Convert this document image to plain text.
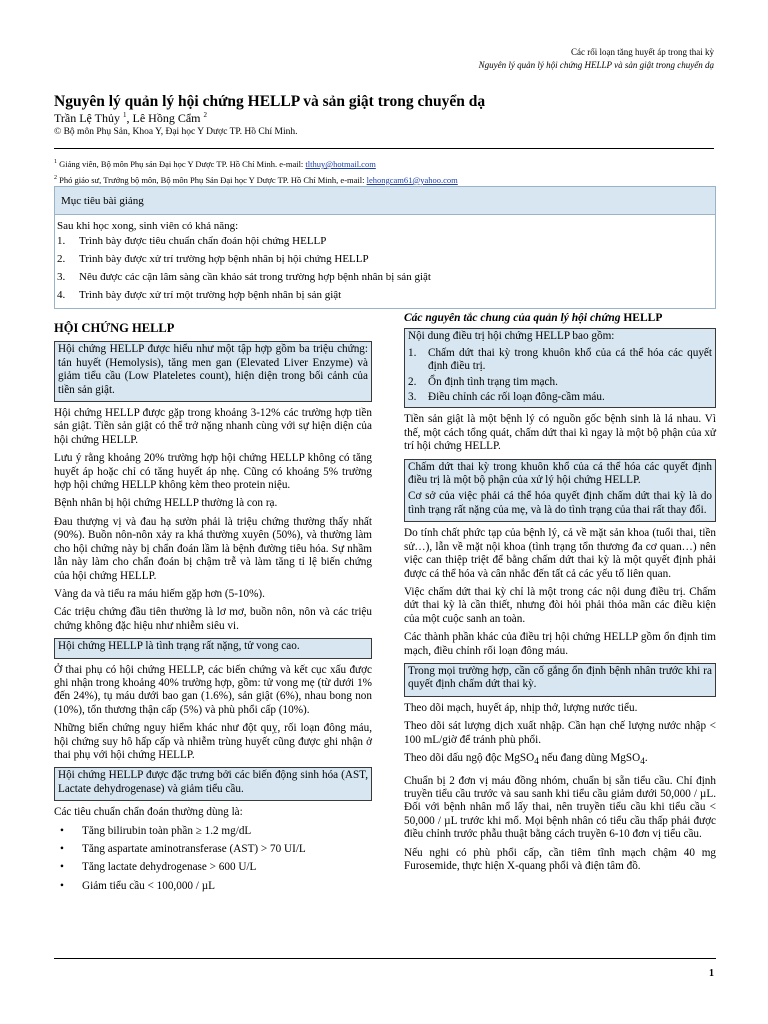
Các rối loạn tăng huyết áp trong thai kỳ
Nguyên lý quản lý hội chứng HELLP và sản giật trong chuyển dạ
Nguyên lý quản lý hội chứng HELLP và sản giật trong chuyển dạ
Trần Lệ Thủy $^1$, Lê Hồng Cẩm $^2$
© Bộ môn Phụ Sản, Khoa Y, Đại học Y Dược TP. Hồ Chí Minh.
$^1$ Giảng viên, Bộ môn Phụ sản Đại học Y Dược TP. Hồ Chí Minh. e-mail: tlthuy@hotmail.com
$^2$ Phó giáo sư, Trưởng bộ môn, Bộ môn Phụ Sản Đại học Y Dược TP. Hồ Chí Minh, e-mail: lehongcam61@yahoo.com
Mục tiêu bài giảng
Sau khi học xong, sinh viên có khả năng:
1. Trình bày được tiêu chuẩn chẩn đoán hội chứng HELLP
2. Trình bày được xử trí trường hợp bệnh nhân bị hội chứng HELLP
3. Nêu được các cận lâm sàng cần khảo sát trong trường hợp bệnh nhân bị sản giật
4. Trình bày được xử trí một trường hợp bệnh nhân bị sản giật
HỘI CHỨNG HELLP

Hội chứng HELLP được hiểu như một tập hợp gồm ba triệu chứng: tán huyết (Hemolysis), tăng men gan (Elevated Liver Enzyme) và giảm tiểu cầu (Low Plateletes count), hiện diện trong bối cảnh của tiền sản giật.

Hội chứng HELLP được gặp trong khoảng 3-12% các trường hợp tiền sản giật. Tiền sản giật có thể trở nặng nhanh cùng với sự hiện diện của hội chứng HELLP.

Lưu ý rằng khoảng 20% trường hợp hội chứng HELLP không có tăng huyết áp hoặc chỉ có tăng huyết áp nhẹ. Cũng có khoảng 5% trường hợp hội chứng HELLP không kèm theo protein niệu.

Bệnh nhân bị hội chứng HELLP thường là con rạ.

Đau thượng vị và đau hạ sườn phải là triệu chứng thường thấy nhất (90%). Buồn nôn-nôn xảy ra khá thường xuyên (50%), và thường làm cho hội chứng này bị chẩn đoán lầm là bệnh đường tiêu hóa. Sự nhầm lẫn này làm cho chẩn đoán bị chậm trễ và làm tăng tỉ lệ biến chứng của hội chứng HELLP.

Vàng da và tiểu ra máu hiếm gặp hơn (5-10%).

Các triệu chứng đầu tiên thường là lơ mơ, buồn nôn, nôn và các triệu chứng không đặc hiệu như nhiễm siêu vi.

Hội chứng HELLP là tình trạng rất nặng, tử vong cao.

Ở thai phụ có hội chứng HELLP, các biến chứng và kết cục xấu được ghi nhận trong khoảng 40% trường hợp, gồm: tử vong mẹ (từ dưới 1% đến 24%), tụ máu dưới bao gan (1.6%), sản giật (6%), nhau bong non (10%), tổn thương thận cấp (5%) và phù phổi cấp (10%).

Những biến chứng nguy hiểm khác như đột quỵ, rối loạn đông máu, hội chứng suy hô hấp cấp và nhiễm trùng huyết cũng được ghi nhận ở thai phụ với hội chứng HELLP.

Hội chứng HELLP được đặc trưng bởi các biến động sinh hóa (AST, Lactate dehydrogenase) và giảm tiểu cầu.

Các tiêu chuẩn chẩn đoán thường dùng là:

• Tăng bilirubin toàn phần ≥ 1.2 mg/dL
• Tăng aspartate aminotransferase (AST) > 70 UI/L
• Tăng lactate dehydrogenase > 600 U/L
• Giảm tiểu cầu < 100,000 / µL
Các nguyên tắc chung của quản lý hội chứng HELLP

Nội dung điều trị hội chứng HELLP bao gồm:

1. Chấm dứt thai kỳ trong khuôn khổ của cá thể hóa các quyết định điều trị.
2. Ổn định tình trạng tim mạch.
3. Điều chỉnh các rối loạn đông-cầm máu.

Tiền sản giật là một bệnh lý có nguồn gốc bệnh sinh là lá nhau. Vì thế, một cách tổng quát, chấm dứt thai kì ngay là một bộ phận của xử trí hội chứng HELLP.

Chấm dứt thai kỳ trong khuôn khổ của cá thể hóa các quyết định điều trị là một bộ phận của xử lý hội chứng HELLP.

Cơ sở của việc phải cá thể hóa quyết định chấm dứt thai kỳ là do tình trạng rất nặng của mẹ, và là do tình trạng của thai rất thay đổi.

Do tính chất phức tạp của bệnh lý, cả về mặt sản khoa (tuổi thai, tiền sử…), lẫn về mặt nội khoa (tình trạng tổn thương đa cơ quan…) nên việc can thiệp triệt để bằng chấm dứt thai kỳ là một quyết định phải được cá thể hóa và cân nhắc đến tất cả các yếu tố liên quan.

Việc chấm dứt thai kỳ chỉ là một trong các nội dung điều trị. Chấm dứt thai kỳ là cần thiết, nhưng đòi hỏi phải thỏa mãn các điều kiện của một cuộc sanh an toàn.

Các thành phần khác của điều trị hội chứng HELLP gồm ổn định tim mạch, điều chỉnh rối loạn đông máu.

Trong mọi trường hợp, cần cố gắng ổn định bệnh nhân trước khi ra quyết định chấm dứt thai kỳ.

Theo dõi mạch, huyết áp, nhịp thở, lượng nước tiểu.

Theo dõi sát lượng dịch xuất nhập. Cần hạn chế lượng nước nhập < 100 mL/giờ để tránh phù phổi.

Theo dõi dấu ngộ độc MgSO$_4$ nếu đang dùng MgSO$_4$.

Chuẩn bị 2 đơn vị máu đồng nhóm, chuẩn bị sẵn tiểu cầu. Chỉ định truyền tiểu cầu trước và sau sanh khi tiểu cầu giảm dưới 50,000 / µL. Đối với bệnh nhân mổ lấy thai, nên truyền tiểu cầu khi tiểu cầu < 50,000 / µL trước khi mổ. Mọi bệnh nhân có tiểu cầu thấp phải được điều chỉnh trước phẫu thuật bằng cách truyền 6-10 đơn vị tiểu cầu.

Nếu nghi có phù phổi cấp, cần tiêm tĩnh mạch chậm 40 mg Furosemide, thực hiện X-quang phổi và điện tâm đồ.

1
